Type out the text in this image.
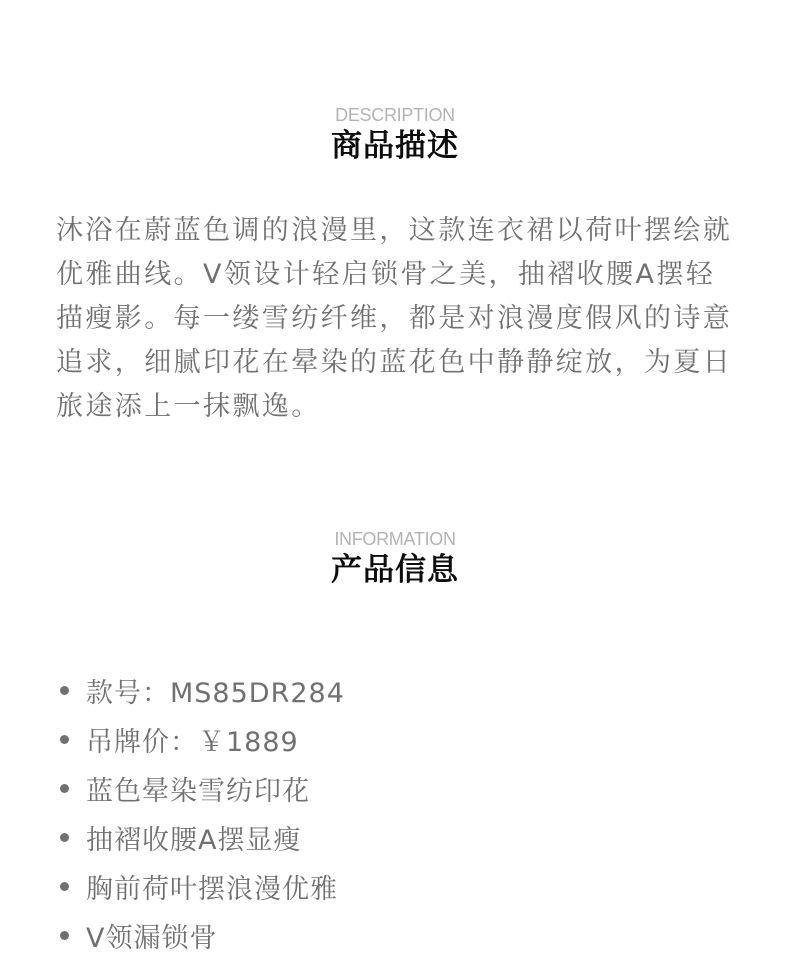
DESCRIPTION
商品描述

沐浴在蔚蓝色调的浪漫里，这款连衣裙以荷叶摆绘就优雅曲线。V领设计轻启锁骨之美，抽褶收腰A摆轻描瘦影。每一缕雪纺纤维，都是对浪漫度假风的诗意追求，细腻印花在晕染的蓝花色中静静绽放，为夏日旅途添上一抹飘逸。

INFORMATION
产品信息
款号：MS85DR284
吊牌价：￥1889
蓝色晕染雪纺印花
抽褶收腰A摆显瘦
胸前荷叶摆浪漫优雅
V领漏锁骨
